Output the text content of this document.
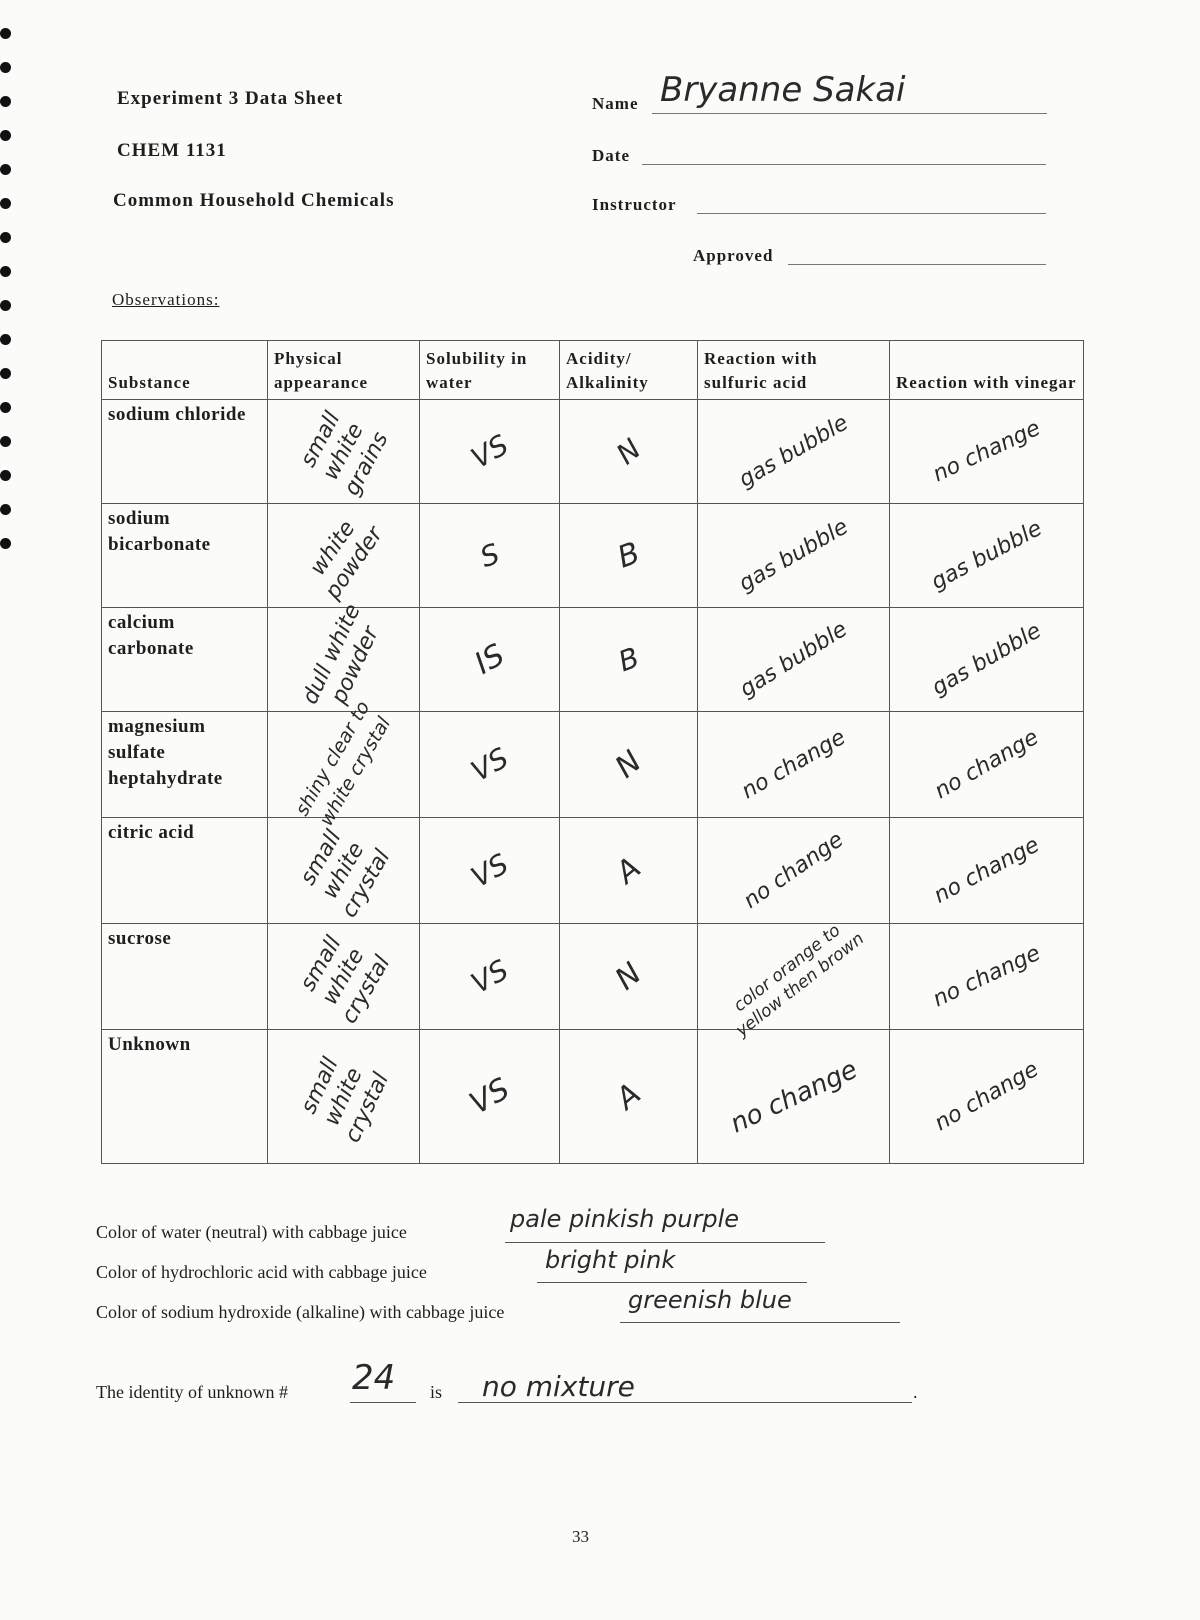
Experiment 3 Data Sheet
CHEM 1131
Common Household Chemicals
Name Bryanne Sakai
Date
Instructor
Approved
Observations:
Substance	Physical appearance	Solubility in water	Acidity/ Alkalinity	Reaction with sulfuric acid	Reaction with vinegar
sodium chloride	small white grains	VS	N	gas bubble	no change

sodium bicarbonate	white powder	S	B	gas bubble	gas bubble

calcium carbonate	dull white powder	IS	B	gas bubble	gas bubble

magnesium sulfate heptahydrate	shiny clear to white crystal	VS	N	no change	no change

citric acid	small white crystal	VS	A	no change	no change

sucrose	small white crystal	VS	N	color orange to yellow then brown	no change

Unknown	small white crystal	VS	A	no change	no change
Color of water (neutral) with cabbage juice	pale pinkish purple
Color of hydrochloric acid with cabbage juice	bright pink
Color of sodium hydroxide (alkaline) with cabbage juice	greenish blue
The identity of unknown # 24 is no mixture	.
33
